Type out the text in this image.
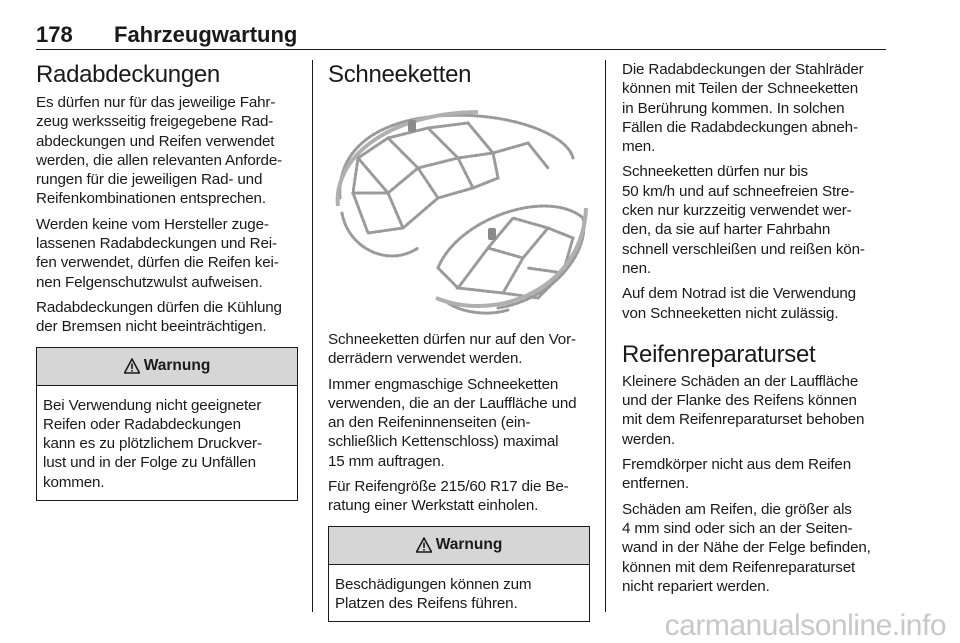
178 Fahrzeugwartung
Radabdeckungen

Es dürfen nur für das jeweilige Fahr-
zeug werksseitig freigegebene Rad-
abdeckungen und Reifen verwendet
werden, die allen relevanten Anforde-
rungen für die jeweiligen Rad- und
Reifenkombinationen entsprechen.

Werden keine vom Hersteller zuge-
lassenen Radabdeckungen und Rei-
fen verwendet, dürfen die Reifen kei-
nen Felgenschutzwulst aufweisen.

Radabdeckungen dürfen die Kühlung
der Bremsen nicht beeinträchtigen.

Warnung

Bei Verwendung nicht geeigneter
Reifen oder Radabdeckungen
kann es zu plötzlichem Druckver-
lust und in der Folge zu Unfällen
kommen.

Schneeketten

Schneeketten dürfen nur auf den Vor-
derrädern verwendet werden.

Immer engmaschige Schneeketten
verwenden, die an der Lauffläche und
an den Reifeninnenseiten (ein-
schließlich Kettenschloss) maximal
15 mm auftragen.

Für Reifengröße 215/60 R17 die Be-
ratung einer Werkstatt einholen.

Warnung

Beschädigungen können zum
Platzen des Reifens führen.

Die Radabdeckungen der Stahlräder
können mit Teilen der Schneeketten
in Berührung kommen. In solchen
Fällen die Radabdeckungen abneh-
men.

Schneeketten dürfen nur bis
50 km/h und auf schneefreien Stre-
cken nur kurzzeitig verwendet wer-
den, da sie auf harter Fahrbahn
schnell verschleißen und reißen kön-
nen.

Auf dem Notrad ist die Verwendung
von Schneeketten nicht zulässig.

Reifenreparaturset

Kleinere Schäden an der Lauffläche
und der Flanke des Reifens können
mit dem Reifenreparaturset behoben
werden.

Fremdkörper nicht aus dem Reifen
entfernen.

Schäden am Reifen, die größer als
4 mm sind oder sich an der Seiten-
wand in der Nähe der Felge befinden,
können mit dem Reifenreparaturset
nicht repariert werden.

carmanualsonline.info
